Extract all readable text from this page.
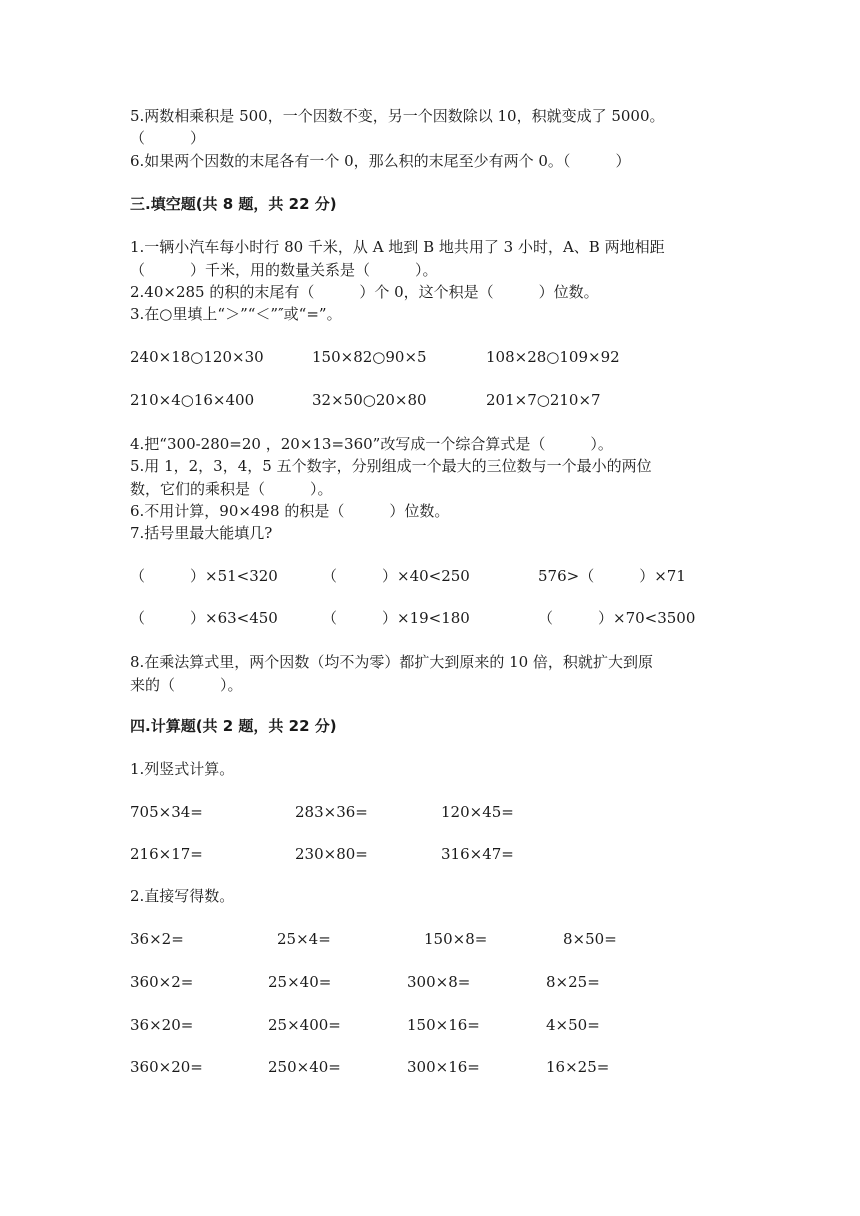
5.两数相乘积是 500，一个因数不变，另一个因数除以 10，积就变成了 5000。
（　　　）
6.如果两个因数的末尾各有一个 0，那么积的末尾至少有两个 0。（　　　）
三.填空题(共 8 题，共 22 分)
1.一辆小汽车每小时行 80 千米，从 A 地到 B 地共用了 3 小时，A、B 两地相距
（　　　）千米，用的数量关系是（　　　）。
2.40×285 的积的末尾有（　　　）个 0，这个积是（　　　）位数。
3.在○里填上“＞”“＜”″或“=”。
240×18○120×30	150×82○90×5	108×28○109×92
210×4○16×400	32×50○20×80	201×7○210×7
4.把“300-280=20 ，20×13=360”改写成一个综合算式是（　　　）。
5.用 1，2，3，4，5 五个数字，分别组成一个最大的三位数与一个最小的两位
数，它们的乘积是（　　　）。
6.不用计算，90×498 的积是（　　　）位数。
7.括号里最大能填几?
（　　　）×51<320	（　　　）×40<250	576>（　　　）×71
（　　　）×63<450	（　　　）×19<180	（　　　）×70<3500
8.在乘法算式里，两个因数（均不为零）都扩大到原来的 10 倍，积就扩大到原
来的（　　　）。
四.计算题(共 2 题，共 22 分)
1.列竖式计算。
705×34=	283×36=	120×45=
216×17=	230×80=	316×47=
2.直接写得数。
36×2=	25×4=	150×8=	8×50=
360×2=	25×40=	300×8=	8×25=
36×20=	25×400=	150×16=	4×50=
360×20=	250×40=	300×16=	16×25=
